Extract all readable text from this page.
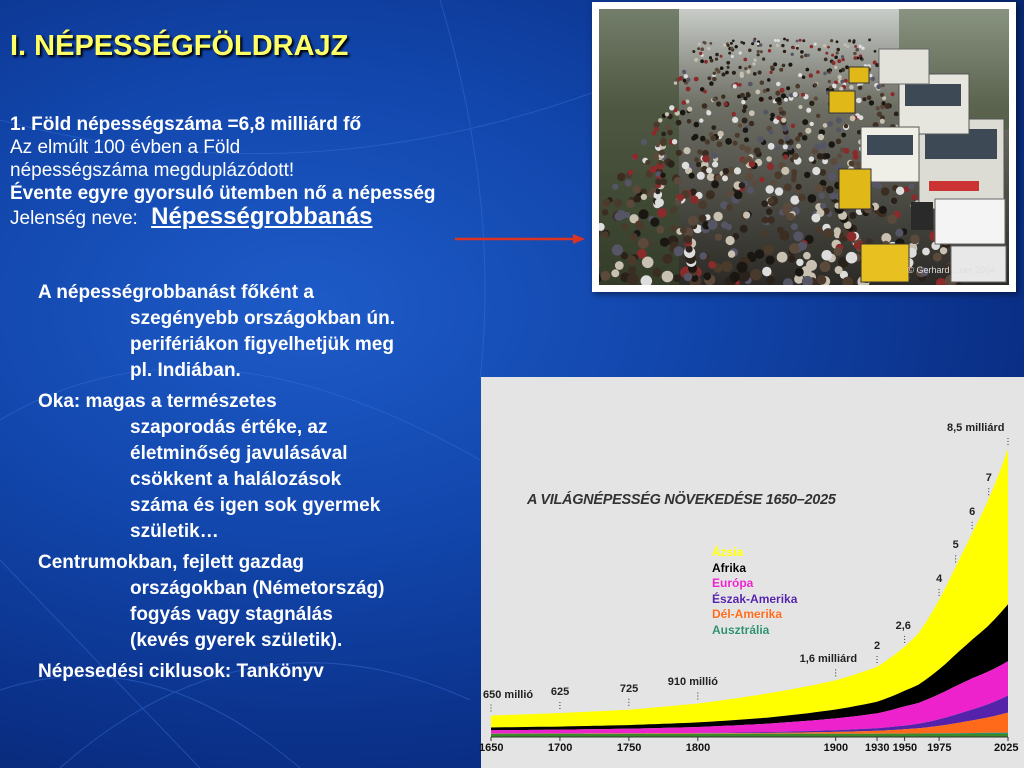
I. NÉPESSÉGFÖLDRAJZ
1. Föld népességszáma =6,8 milliárd fő
Az elmúlt 100 évben a Föld
népességszáma megduplázódott!
Évente egyre gyorsuló ütemben nő a népesség
Jelenség neve: Népességrobbanás
A népességrobbanást főként a
szegényebb országokban ún.
perifériákon figyelhetjük meg
pl. Indiában.
Oka: magas a természetes
szaporodás értéke, az
életminőség javulásával
csökkent a halálozások
száma és igen sok gyermek
születik…
Centrumokban, fejlett gazdag
országokban (Németország)
fogyás vagy stagnálás
(kevés gyerek születik).
Népesedési ciklusok: Tankönyv
© Gerhard ...ner 2004
A VILÁGNÉPESSÉG NÖVEKEDÉSE 1650–2025
Ázsia
Afrika
Európa
Észak-Amerika
Dél-Amerika
Ausztrália
1650	1700	1750	1800	1900 1930 1950 1975	2025
650 millió 625	725
910 millió
1,6 milliárd
2
2,6
4
5
6
7
8,5 milliárd
